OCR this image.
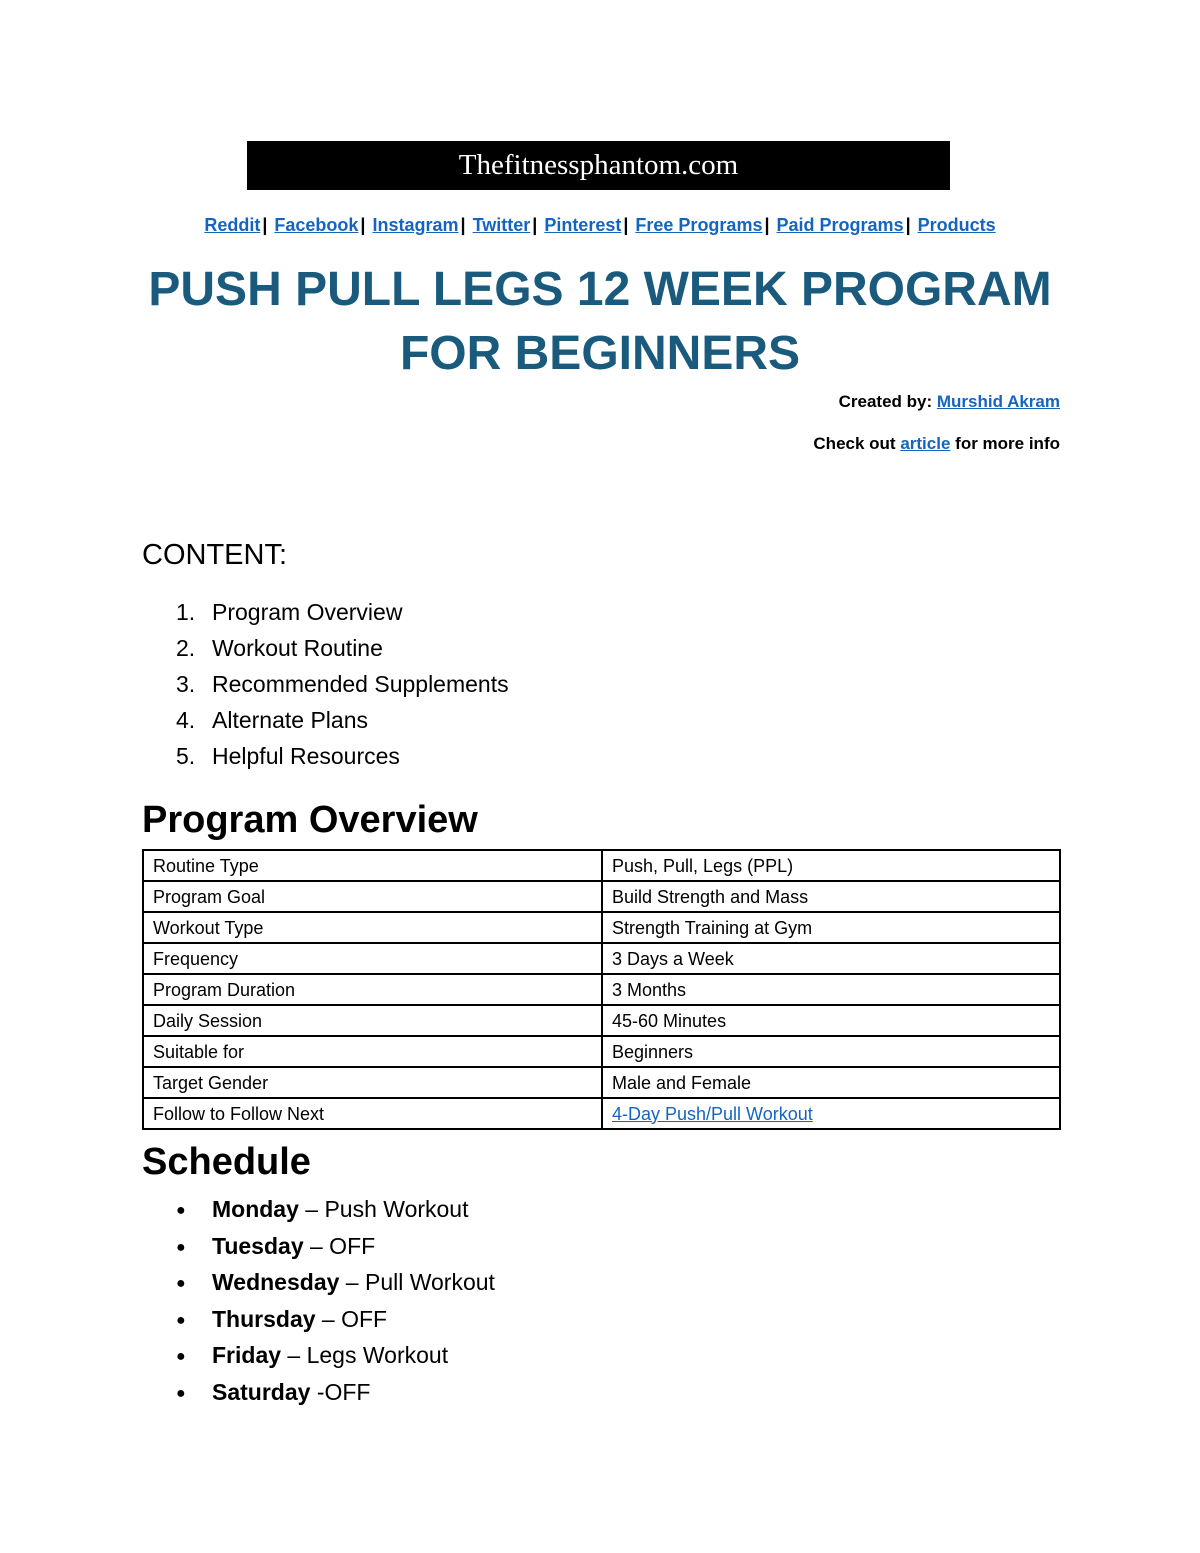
Thefitnessphantom.com
Reddit | Facebook | Instagram | Twitter | Pinterest | Free Programs | Paid Programs | Products
PUSH PULL LEGS 12 WEEK PROGRAM
FOR BEGINNERS
Created by: Murshid Akram
Check out article for more info
CONTENT:
1. Program Overview
2. Workout Routine
3. Recommended Supplements
4. Alternate Plans
5. Helpful Resources
Program Overview
Routine Type	Push, Pull, Legs (PPL)
Program Goal	Build Strength and Mass
Workout Type	Strength Training at Gym
Frequency	3 Days a Week
Program Duration	3 Months
Daily Session	45-60 Minutes
Suitable for	Beginners
Target Gender	Male and Female
Follow to Follow Next	4-Day Push/Pull Workout
Schedule
● Monday – Push Workout
● Tuesday – OFF
● Wednesday – Pull Workout
● Thursday – OFF
● Friday – Legs Workout
● Saturday -OFF
